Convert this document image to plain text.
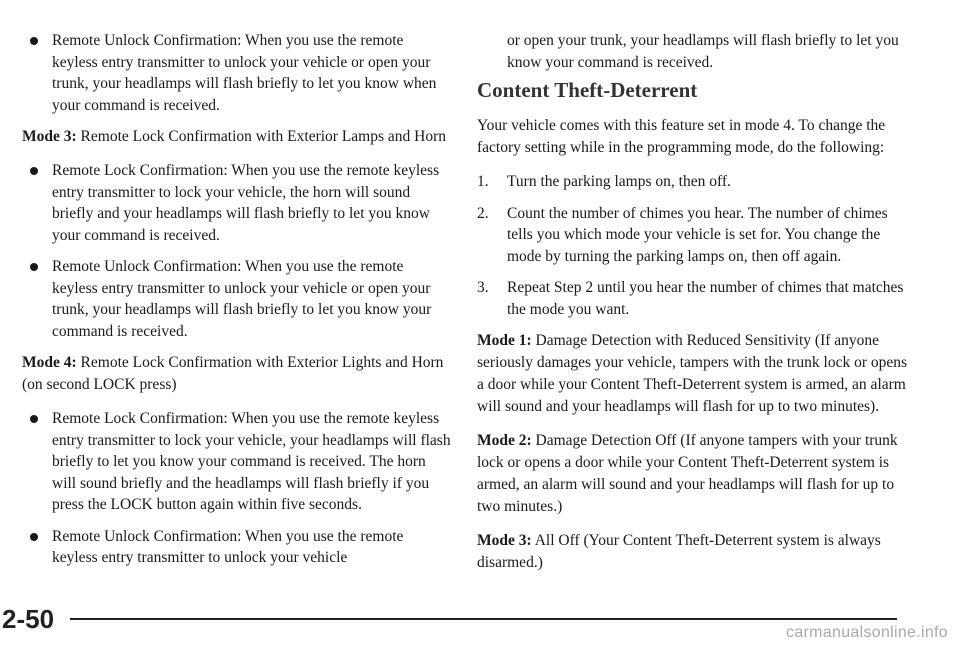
Remote Unlock Confirmation: When you use the remote keyless entry transmitter to unlock your vehicle or open your trunk, your headlamps will flash briefly to let you know when your command is received.

Mode 3: Remote Lock Confirmation with Exterior Lamps and Horn

Remote Lock Confirmation: When you use the remote keyless entry transmitter to lock your vehicle, the horn will sound briefly and your headlamps will flash briefly to let you know your command is received.
Remote Unlock Confirmation: When you use the remote keyless entry transmitter to unlock your vehicle or open your trunk, your headlamps will flash briefly to let you know your command is received.

Mode 4: Remote Lock Confirmation with Exterior Lights and Horn (on second LOCK press)

Remote Lock Confirmation: When you use the remote keyless entry transmitter to lock your vehicle, your headlamps will flash briefly to let you know your command is received. The horn will sound briefly and the headlamps will flash briefly if you press the LOCK button again within five seconds.
Remote Unlock Confirmation: When you use the remote keyless entry transmitter to unlock your vehicle

or open your trunk, your headlamps will flash briefly to let you know your command is received.

Content Theft-Deterrent

Your vehicle comes with this feature set in mode 4. To change the factory setting while in the programming mode, do the following:

1. Turn the parking lamps on, then off.
2. Count the number of chimes you hear. The number of chimes tells you which mode your vehicle is set for. You change the mode by turning the parking lamps on, then off again.
3. Repeat Step 2 until you hear the number of chimes that matches the mode you want.

Mode 1: Damage Detection with Reduced Sensitivity (If anyone seriously damages your vehicle, tampers with the trunk lock or opens a door while your Content Theft-Deterrent system is armed, an alarm will sound and your headlamps will flash for up to two minutes).

Mode 2: Damage Detection Off (If anyone tampers with your trunk lock or opens a door while your Content Theft-Deterrent system is armed, an alarm will sound and your headlamps will flash for up to two minutes.)

Mode 3: All Off (Your Content Theft-Deterrent system is always disarmed.)

2-50	carmanualsonline.info
